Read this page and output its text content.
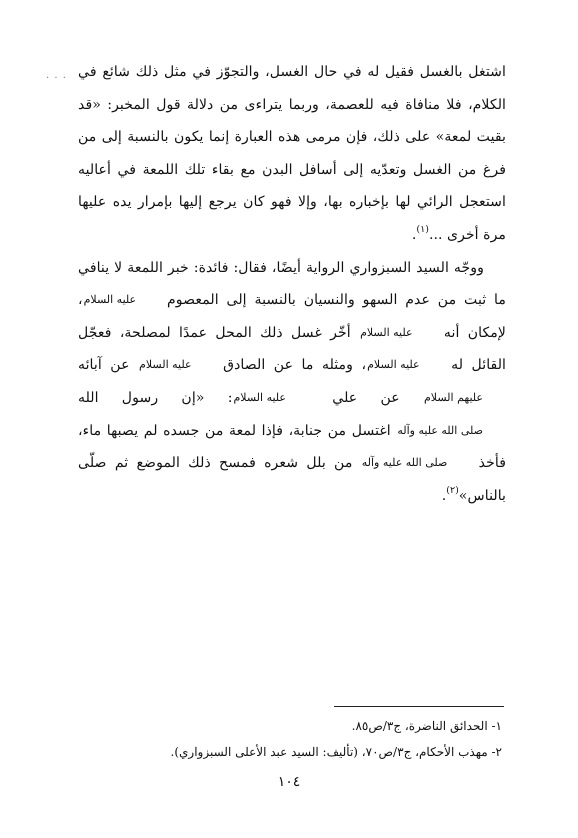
. . . اشتغل بالغسل فقيل له في حال الغسل، والتجوّز في مثل ذلك شائع في الكلام، فلا منافاة فيه للعصمة، وربما يتراءى من دلالة قول المخبر: «قد بقيت لمعة» على ذلك، فإن مرمى هذه العبارة إنما يكون بالنسبة إلى من فرغ من الغسل وتعدّيه إلى أسافل البدن مع بقاء تلك اللمعة في أعاليه استعجل الرائي لها بإخباره بها، وإلا فهو كان يرجع إليها بإمرار يده عليها مرة أخرى ...$^{(١)}$.

ووجّه السيد السبزواري الرواية أيضًا، فقال: فائدة: خبر اللمعة لا ينافي ما ثبت من عدم السهو والنسيان بالنسبة إلى المعصوم عليه السلام، لإمكان أنه عليه السلام أخّر غسل ذلك المحل عمدًا لمصلحة، فعجّل القائل له عليه السلام، ومثله ما عن الصادق عليه السلام عن آبائه عليهم السلام عن علي عليه السلام: «إن رسول الله صلى الله عليه وآله اغتسل من جنابة، فإذا لمعة من جسده لم يصبها ماء، فأخذ صلى الله عليه وآله من بلل شعره فمسح ذلك الموضع ثم صلّى بالناس»$^{(٢)}$.

١- الحدائق الناضرة، ج٣/ص٨٥.
٢- مهذب الأحكام، ج٣/ص٧٠، (تأليف: السيد عبد الأعلى السبزواري).
١٠٤
